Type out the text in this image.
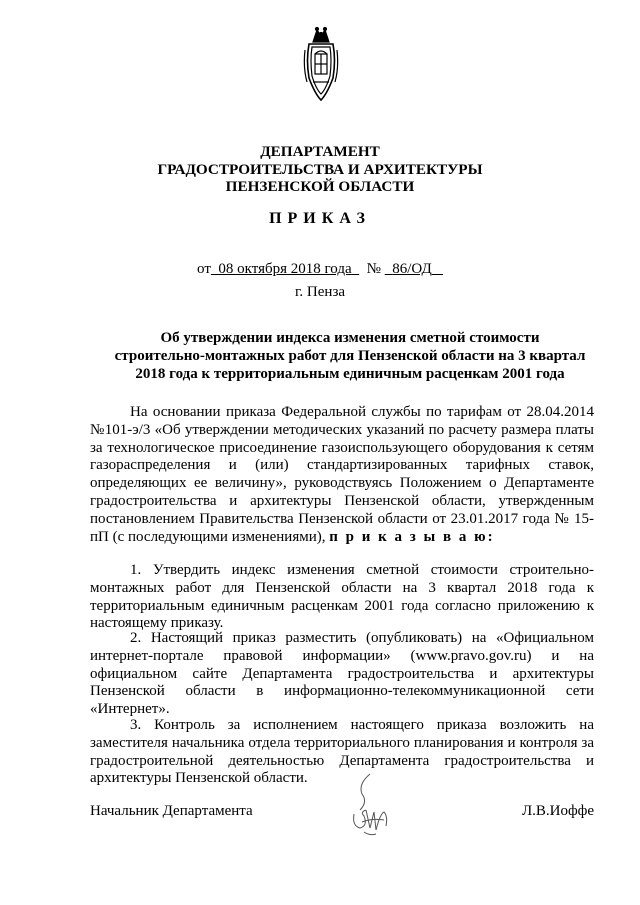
ДЕПАРТАМЕНТ
ГРАДОСТРОИТЕЛЬСТВА И АРХИТЕКТУРЫ
ПЕНЗЕНСКОЙ ОБЛАСТИ
ПРИКАЗ
от 08 октября 2018 года № 86/ОД
г. Пенза
Об утверждении индекса изменения сметной стоимости
строительно-монтажных работ для Пензенской области на 3 квартал
2018 года к территориальным единичным расценкам 2001 года
На основании приказа Федеральной службы по тарифам от 28.04.2014 №101-э/3 «Об утверждении методических указаний по расчету размера платы за технологическое присоединение газоиспользующего оборудования к сетям газораспределения и (или) стандартизированных тарифных ставок, определяющих ее величину», руководствуясь Положением о Департаменте градостроительства и архитектуры Пензенской области, утвержденным постановлением Правительства Пензенской области от 23.01.2017 года № 15-пП (с последующими изменениями), п р и к а з ы в а ю:
1. Утвердить индекс изменения сметной стоимости строительно-монтажных работ для Пензенской области на 3 квартал 2018 года к территориальным единичным расценкам 2001 года согласно приложению к настоящему приказу.
2. Настоящий приказ разместить (опубликовать) на «Официальном интернет-портале правовой информации» (www.pravo.gov.ru) и на официальном сайте Департамента градостроительства и архитектуры Пензенской области в информационно-телекоммуникационной сети «Интернет».
3. Контроль за исполнением настоящего приказа возложить на заместителя начальника отдела территориального планирования и контроля за градостроительной деятельностью Департамента градостроительства и архитектуры Пензенской области.
Начальник Департамента	Л.В.Иоффе
